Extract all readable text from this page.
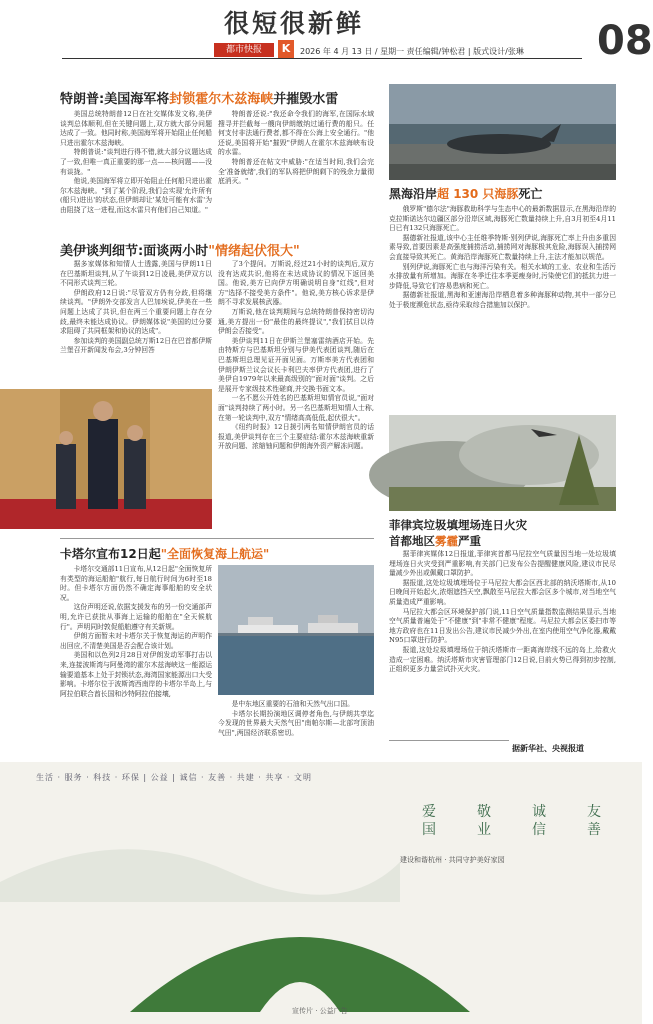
很短很新鲜
都市快报	K	2026 年 4 月 13 日 / 星期一 责任编辑/钟松君 | 版式设计/张琳 08
特朗普:美国海军将封锁霍尔木兹海峡并摧毁水雷

美国总统特朗普12日在社交媒体发文称,美伊谈判总体顺利,但在关键问题上,双方就大部分问题达成了一致。他同时称,美国海军将开始阻止任何船只进出霍尔木兹海峡。

特朗普说:"谈判进行得不错,就大部分议题达成了一致,但唯一真正重要的那一点——核问题——没有谈拢。"

他说,美国海军将立即开始阻止任何船只进出霍尔木兹海峡。"到了某个阶段,我们会实现'允许所有(船只)进出'的状态,但伊朗却让'某处可能有水雷'为由阻挠了这一进程,而这水雷只有他们自己知道。"

特朗普还说:"我还命令我们的海军,在国际水域搜寻并拦截每一艘向伊朗缴纳过通行费的船只。任何支付非法通行费者,都不得在公海上安全通行。"他还说,美国将开始"摧毁"伊朗人在霍尔木兹海峡布设的水雷。

特朗普还在帖文中威胁:"在适当时间,我们会完全'准备就绪',我们的军队将把伊朗剩下的残余力量彻底消灭。"

黑海沿岸超 130 只海豚死亡

俄罗斯"德尔法"海豚救助科学与生态中心的最新数据显示,在黑海沿岸的克拉斯诺达尔边疆区部分沿岸区域,海豚死亡数量持续上升,自3月初至4月11日已有132只海豚死亡。

据德新社报道,该中心主任维季特斯·别列伊说,海豚死亡率上升由多重因素导致,首要因素是高强度捕捞活动,捕捞网对海豚极其危险,海豚误入捕捞网会直接导致其死亡。黄海沿岸海豚死亡数量持续上升,主法才能加以规范。

别列伊说,海豚死亡也与海洋污染有关。相关水域的工业、农业和生活污水排放量有所增加。海豚在冬季迁往本季更瘦身时,污染使它们的抵抗力进一步降低,导致它们容易患病和死亡。

据德新社报道,黑海和亚速海沿岸栖息着多种海豚种动物,其中一部分已处于极度濒危状态,亟待采取综合措施加以保护。

美伊谈判细节:面谈两小时"情绪起伏很大"

据多家媒体和知情人士透露,美国与伊朗11日在巴基斯坦谈判,从了午谈到12日凌晨,美伊双方以不同形式谈判三轮。

伊朗政府12日说:"尽管双方仍有分歧,但将继续谈判。"伊朗外交部发言人巴加埃说,伊美在一些问题上达成了共识,但在两三个重要问题上存在分歧,最终未能达成协议。伊朗媒体说"美国的过分要求阻碍了共同框架和协议的达成"。

参加谈判的美国副总统万斯12日在巴首都伊斯兰堡召开新闻发布会,3分钟回答

了3个提问。万斯说,经过21小时的谈判后,双方没有达成共识,他将在未达成协议的情况下返回美国。他说,美方已向伊方明确说明自身"红线",但对方"选择不接受美方条件"。他说,美方核心诉求是伊朗不寻求发展核武器。

万斯说,他在谈判期间与总统特朗普保持密切沟通,美方提出一份"最佳的最终提议","我们拭目以待伊朗会否接受"。

美伊谈判11日在伊斯兰堡塞雷纳酒店开始。先由特斯方与巴基斯坦分别与伊美代表团谈判,随后在巴基斯坦总理见证开面见面。万斯率美方代表团和伊朗伊斯兰议会议长卡利巴夫率伊方代表团,进行了美伊自1979年以来最高级别的"面对面"谈判。之后是展开专家级技术性磋商,并交换书面文本。

一名不愿公开姓名的巴基斯坦知情官员说,"面对面"谈判持续了两小时。另一名巴基斯坦知情人士称,在第一轮谈判中,双方"情绪高高低低,起伏很大"。

《纽约时报》12日援引两名知情伊朗官员的话报道,美伊谈判存在三个主要症结:霍尔木兹海峡重新开放问题、浓缩铀问题和伊朗海外资产解冻问题。

菲律宾垃圾填埋场连日火灾
首都地区雾霾严重

据菲律宾媒体12日报道,菲律宾首都马尼拉空气质量因当地一处垃圾填埋场连日火灾受到严重影响,有关部门已发布公告提醒健康风险,建议市民尽量减少外出或佩戴口罩防护。

据报道,这处垃圾填埋场位于马尼拉大都会区西北部的纳沃塔斯市,从10日晚间开始起火,浓烟遮挡天空,飘散至马尼拉大都会区多个城市,对当地空气质量造成严重影响。

马尼拉大都会区环境保护部门说,11日空气质量指数监测结果显示,当地空气质量普遍处于"不健康"到"非常不健康"程度。马尼拉大都会区委扫市等地方政府也在11日发出公告,建议市民减少外出,在室内使用空气净化器,戴戴N95口罩进行防护。

报道,这处垃圾填埋场位于纳沃塔斯市一距离海岸线不远的岛上,给救火造成一定困难。纳沃塔斯市灾害管理部门12日说,目前火势已得到初步控制,正组织更多力量尝试扑灭火灾。

卡塔尔宣布12日起"全面恢复海上航运"

卡塔尔交通部11日宣布,从12日起"全面恢复所有类型的海运船舶"航行,每日航行时间为6时至18时。但卡塔尔方面仍然不确定海事船舶的安全状况。

这份声明还说,依据支援发布的另一份交通部声明,允许已获批从事海上运输的船舶在"全天候航行"。声明同时敦促船舶遵守有关新规。

伊朗方面暂未对卡塔尔关于恢复海运的声明作出回应,不清楚美国是否会配合该计划。

美国和以色列2月28日对伊朗发动军事打击以来,连接波斯湾与阿曼湾的霍尔木兹海峡这一能源运输要道基本上处于封锁状态,海湾国家能源出口大受影响。卡塔尔位于波斯湾西南岸的卡塔尔半岛上,与阿拉伯联合酋长国和沙特阿拉伯接壤,

是中东地区重要的石油和天然气出口国。

卡塔尔长期扮演地区调停者角色,与伊朗共享迄今发现的世界最大天然气田"南帕尔斯—北部穹顶油气田",两国经济联系密切。

据新华社、央视报道
生活 · 服务 · 科技 · 环保 | 公益 | 诚信 · 友善 · 共建 · 共享 · 文明
爱国
敬业
诚信
友善
建设和谐杭州 · 共同守护美好家园
宣传片 · 公益广告
